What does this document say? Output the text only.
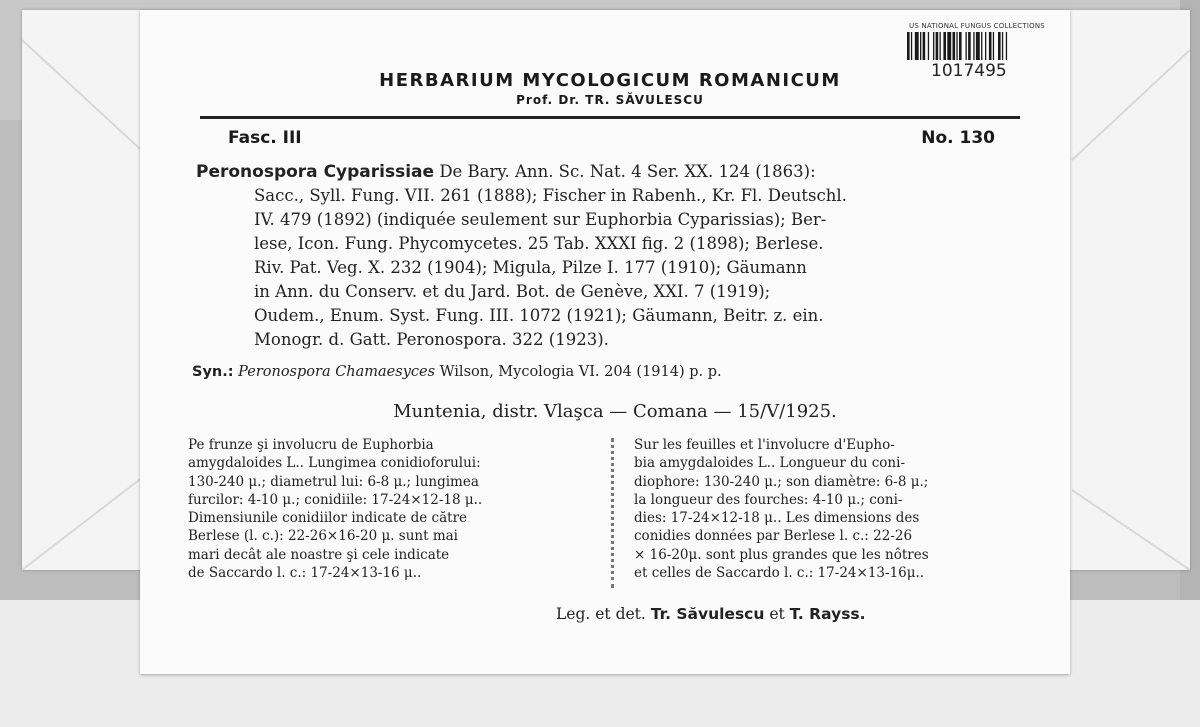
US NATIONAL FUNGUS COLLECTIONS
1017495
HERBARIUM MYCOLOGICUM ROMANICUM
Prof. Dr. TR. SĂVULESCU
Fasc. III	No. 130
Peronospora Cyparissiae De Bary. Ann. Sc. Nat. 4 Ser. XX. 124 (1863):
Sacc., Syll. Fung. VII. 261 (1888); Fischer in Rabenh., Kr. Fl. Deutschl.
IV. 479 (1892) (indiquée seulement sur Euphorbia Cyparissias); Ber-
lese, Icon. Fung. Phycomycetes. 25 Tab. XXXI fig. 2 (1898); Berlese.
Riv. Pat. Veg. X. 232 (1904); Migula, Pilze I. 177 (1910); Gäumann
in Ann. du Conserv. et du Jard. Bot. de Genève, XXI. 7 (1919);
Oudem., Enum. Syst. Fung. III. 1072 (1921); Gäumann, Beitr. z. ein.
Monogr. d. Gatt. Peronospora. 322 (1923).
Syn.: Peronospora Chamaesyces Wilson, Mycologia VI. 204 (1914) p. p.
Muntenia, distr. Vlaşca — Comana — 15/V/1925.
Pe frunze şi involucru de Euphorbia
amygdaloides L.. Lungimea conidioforului:
130-240 μ.; diametrul lui: 6-8 μ.; lungimea
furcilor: 4-10 μ.; conidiile: 17-24×12-18 μ..
Dimensiunile conidiilor indicate de către
Berlese (l. c.): 22-26×16-20 μ. sunt mai
mari decât ale noastre şi cele indicate
de Saccardo l. c.: 17-24×13-16 μ..
Sur les feuilles et l'involucre d'Eupho-
bia amygdaloides L.. Longueur du coni-
diophore: 130-240 μ.; son diamètre: 6-8 μ.;
la longueur des fourches: 4-10 μ.; coni-
dies: 17-24×12-18 μ.. Les dimensions des
conidies données par Berlese l. c.: 22-26
× 16-20μ. sont plus grandes que les nôtres
et celles de Saccardo l. c.: 17-24×13-16μ..
Leg. et det. Tr. Săvulescu et T. Rayss.
